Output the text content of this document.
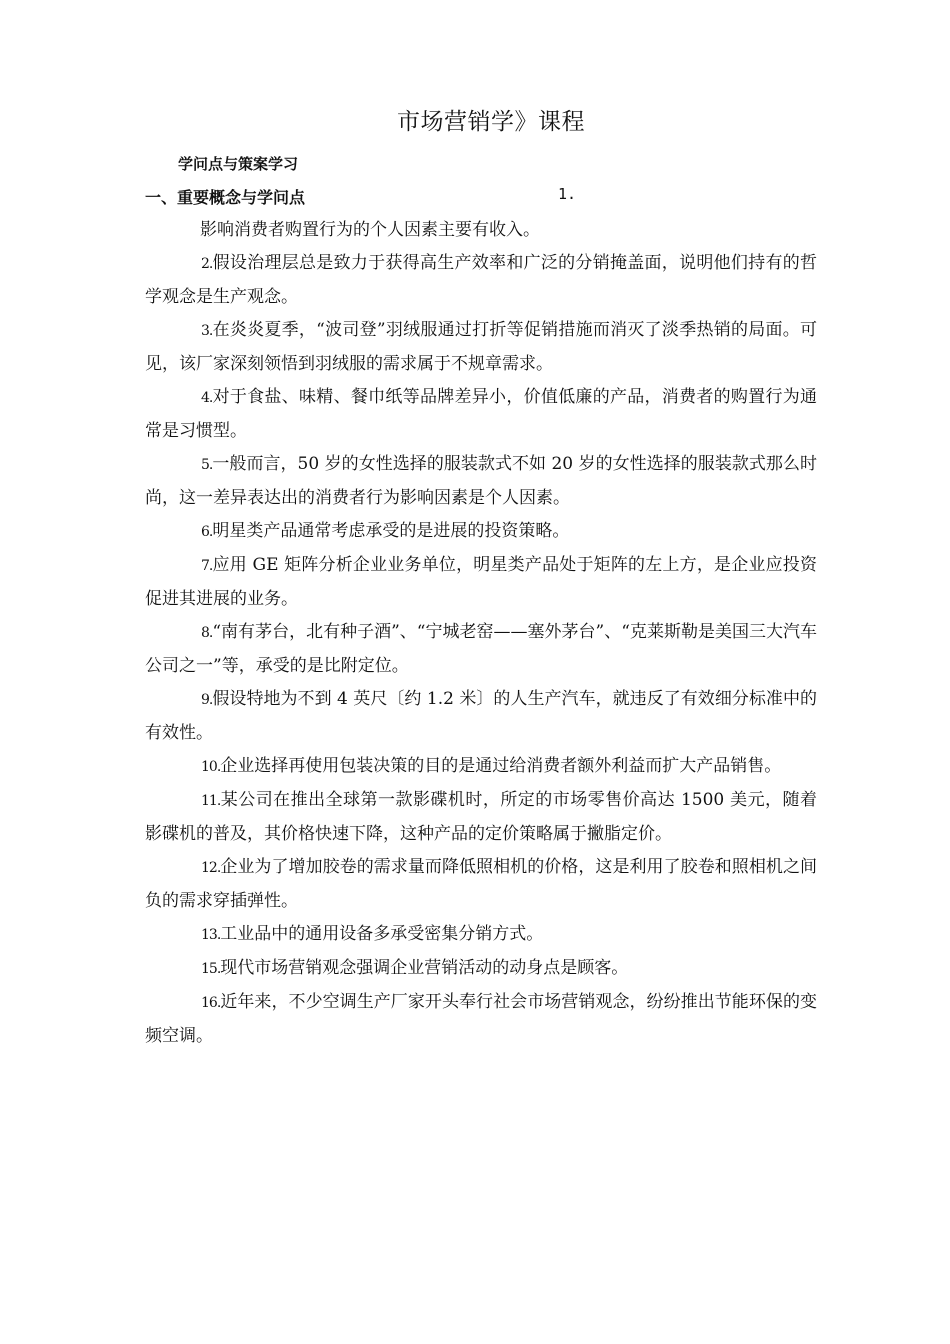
市场营销学》课程
学问点与策案学习
一、重要概念与学问点	1.

影响消费者购置行为的个人因素主要有收入。

2.假设治理层总是致力于获得高生产效率和广泛的分销掩盖面，说明他们持有的哲学观念是生产观念。

3.在炎炎夏季，“波司登”羽绒服通过打折等促销措施而消灭了淡季热销的局面。可见，该厂家深刻领悟到羽绒服的需求属于不规章需求。

4.对于食盐、味精、餐巾纸等品牌差异小，价值低廉的产品，消费者的购置行为通常是习惯型。

5.一般而言，50 岁的女性选择的服装款式不如 20 岁的女性选择的服装款式那么时尚，这一差异表达出的消费者行为影响因素是个人因素。

6.明星类产品通常考虑承受的是进展的投资策略。

7.应用 GE 矩阵分析企业业务单位，明星类产品处于矩阵的左上方，是企业应投资促进其进展的业务。

8.“南有茅台，北有种子酒”、“宁城老窑——塞外茅台”、“克莱斯勒是美国三大汽车公司之一”等，承受的是比附定位。

9.假设特地为不到 4 英尺〔约 1.2 米〕的人生产汽车，就违反了有效细分标准中的有效性。

10.企业选择再使用包装决策的目的是通过给消费者额外利益而扩大产品销售。

11.某公司在推出全球第一款影碟机时，所定的市场零售价高达 1500 美元，随着影碟机的普及，其价格快速下降，这种产品的定价策略属于撇脂定价。

12.企业为了增加胶卷的需求量而降低照相机的价格，这是利用了胶卷和照相机之间负的需求穿插弹性。

13.工业品中的通用设备多承受密集分销方式。

15.现代市场营销观念强调企业营销活动的动身点是顾客。

16.近年来，不少空调生产厂家开头奉行社会市场营销观念，纷纷推出节能环保的变频空调。
